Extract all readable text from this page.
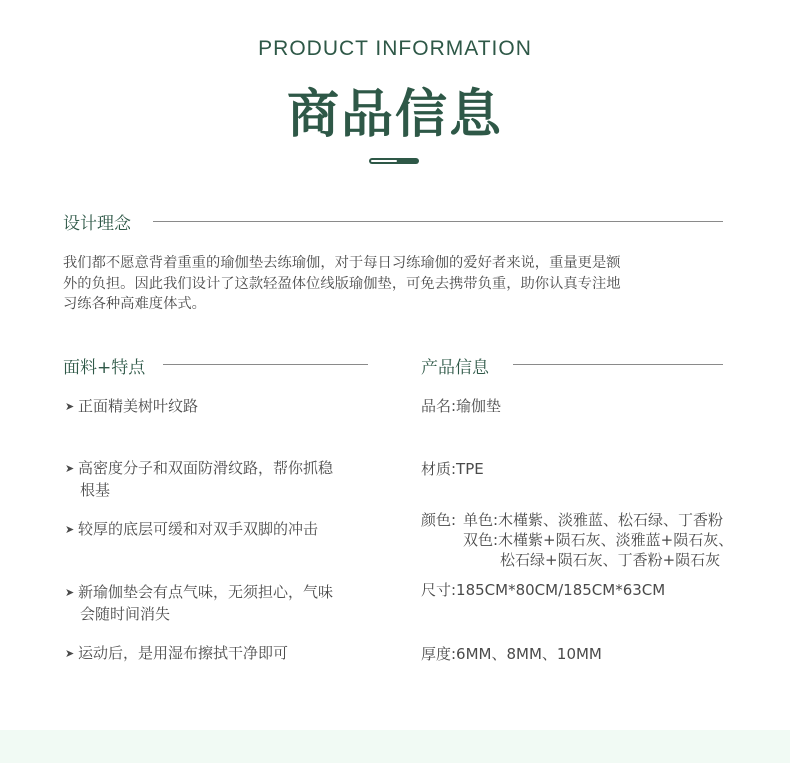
PRODUCT INFORMATION
商品信息
设计理念
我们都不愿意背着重重的瑜伽垫去练瑜伽，对于每日习练瑜伽的爱好者来说，重量更是额
外的负担。因此我们设计了这款轻盈体位线版瑜伽垫，可免去携带负重，助你认真专注地
习练各种高难度体式。
面料+特点
➤ 正面精美树叶纹路
➤ 高密度分子和双面防滑纹路，帮你抓稳
根基
➤ 较厚的底层可缓和对双手双脚的冲击
➤ 新瑜伽垫会有点气味，无须担心，气味
会随时间消失
➤ 运动后，是用湿布擦拭干净即可
产品信息
品名:瑜伽垫
材质:TPE
颜色: 单色:木槿紫、淡雅蓝、松石绿、丁香粉
双色:木槿紫+陨石灰、淡雅蓝+陨石灰、
松石绿+陨石灰、丁香粉+陨石灰
尺寸:185CM*80CM/185CM*63CM
厚度:6MM、8MM、10MM
